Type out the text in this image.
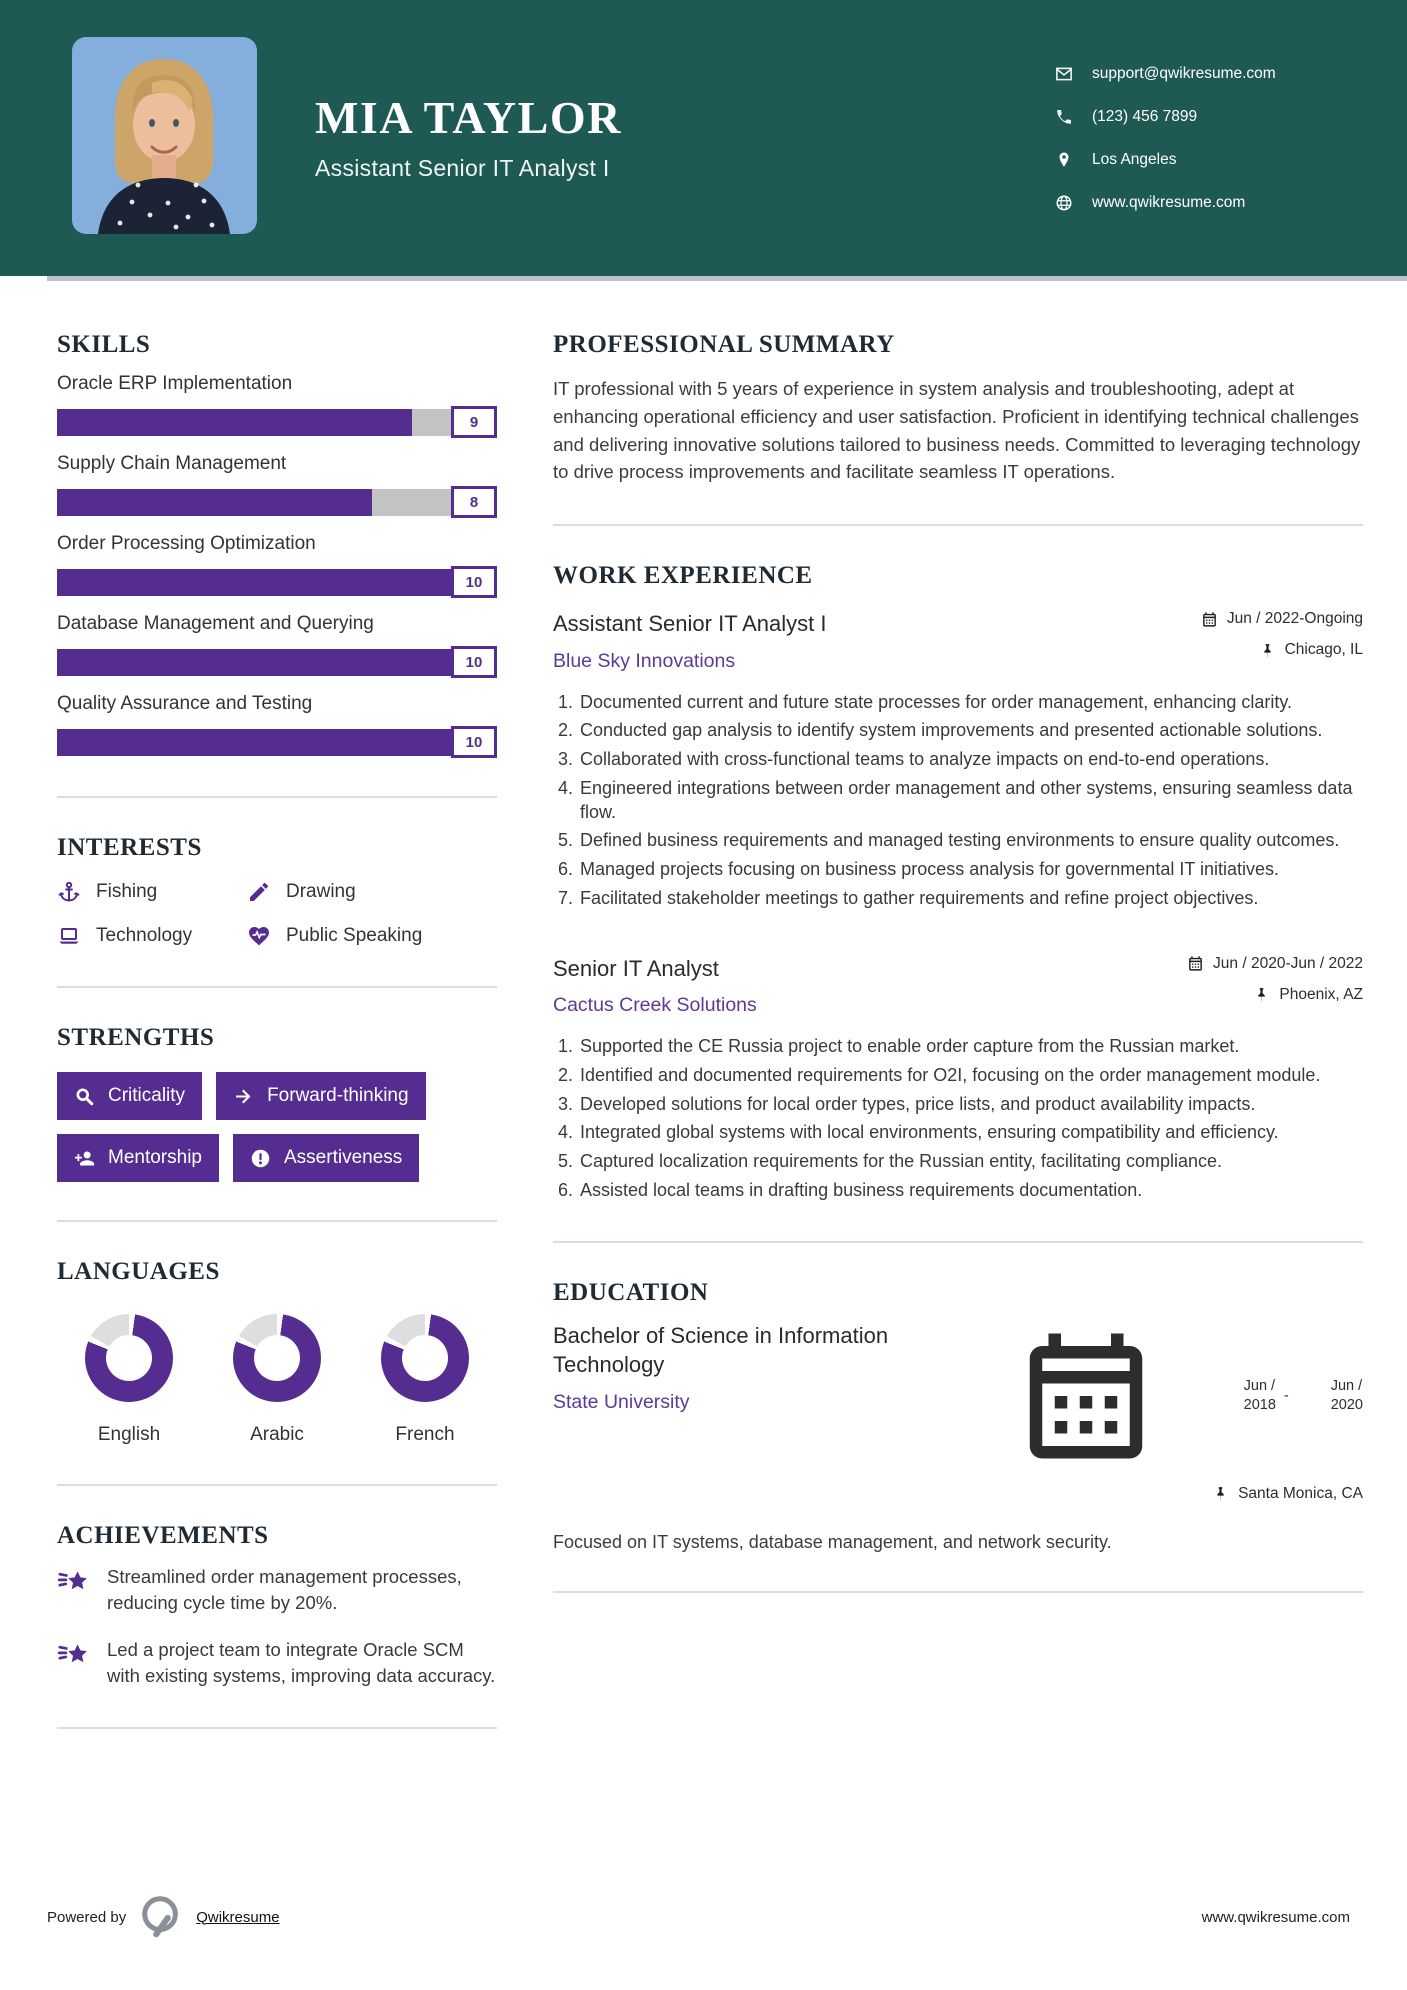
MIA TAYLOR
Assistant Senior IT Analyst I
support@qwikresume.com
(123) 456 7899
Los Angeles
www.qwikresume.com
SKILLS
Oracle ERP Implementation
9
Supply Chain Management
8
Order Processing Optimization
10
Database Management and Querying
10
Quality Assurance and Testing
10
INTERESTS
Fishing	Drawing
Technology	Public Speaking
STRENGTHS
Criticality	Forward-thinking
Mentorship	Assertiveness
LANGUAGES
English	Arabic	French
ACHIEVEMENTS
Streamlined order management processes, reducing cycle time by 20%.
Led a project team to integrate Oracle SCM with existing systems, improving data accuracy.
PROFESSIONAL SUMMARY

IT professional with 5 years of experience in system analysis and troubleshooting, adept at enhancing operational efficiency and user satisfaction. Proficient in identifying technical challenges and delivering innovative solutions tailored to business needs. Committed to leveraging technology to drive process improvements and facilitate seamless IT operations.

WORK EXPERIENCE
Assistant Senior IT Analyst I
Blue Sky Innovations
Jun / 2022-Ongoing
Chicago, IL
1. Documented current and future state processes for order management, enhancing clarity.
2. Conducted gap analysis to identify system improvements and presented actionable solutions.
3. Collaborated with cross-functional teams to analyze impacts on end-to-end operations.
4. Engineered integrations between order management and other systems, ensuring seamless data flow.
5. Defined business requirements and managed testing environments to ensure quality outcomes.
6. Managed projects focusing on business process analysis for governmental IT initiatives.
7. Facilitated stakeholder meetings to gather requirements and refine project objectives.
Senior IT Analyst
Cactus Creek Solutions
Jun / 2020-Jun / 2022
Phoenix, AZ
1. Supported the CE Russia project to enable order capture from the Russian market.
2. Identified and documented requirements for O2I, focusing on the order management module.
3. Developed solutions for local order types, price lists, and product availability impacts.
4. Integrated global systems with local environments, ensuring compatibility and efficiency.
5. Captured localization requirements for the Russian entity, facilitating compliance.
6. Assisted local teams in drafting business requirements documentation.
EDUCATION
Bachelor of Science in Information Technology
State University
Jun /
2018
-
Jun /
2020
Santa Monica, CA
Focused on IT systems, database management, and network security.
Powered by	Qwikresume	www.qwikresume.com
